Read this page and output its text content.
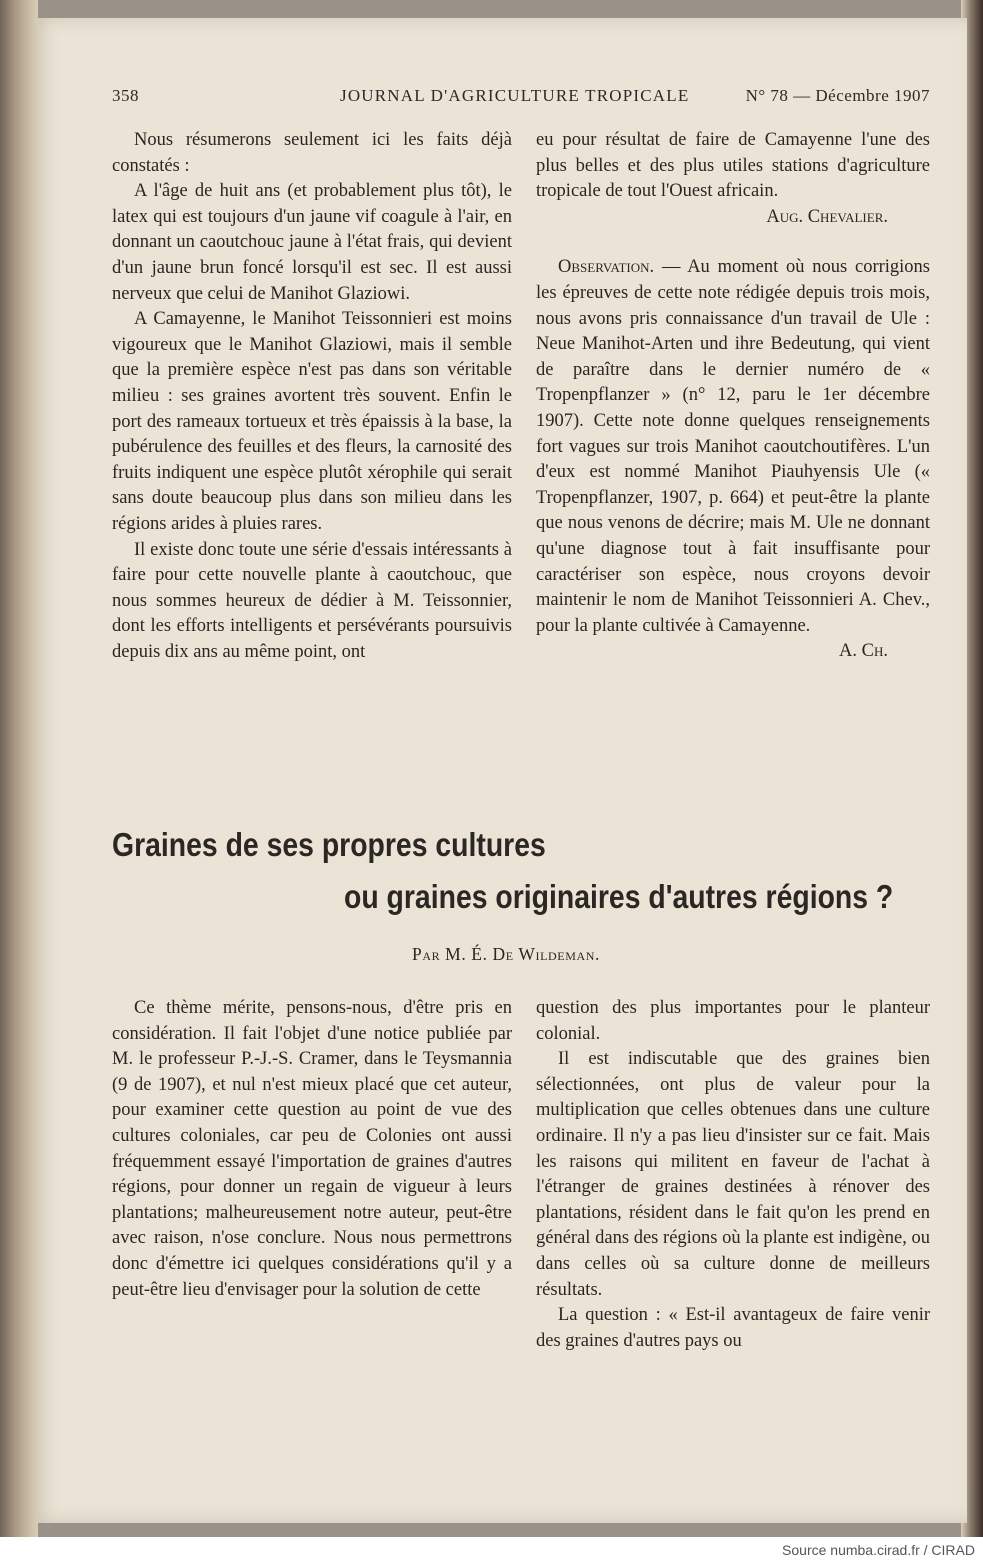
358	JOURNAL D'AGRICULTURE TROPICALE	N° 78 — Décembre 1907

Nous résumerons seulement ici les faits déjà constatés :

A l'âge de huit ans (et probablement plus tôt), le latex qui est toujours d'un jaune vif coagule à l'air, en donnant un caoutchouc jaune à l'état frais, qui devient d'un jaune brun foncé lorsqu'il est sec. Il est aussi nerveux que celui de Manihot Glaziowi.

A Camayenne, le Manihot Teissonnieri est moins vigoureux que le Manihot Glaziowi, mais il semble que la première espèce n'est pas dans son véritable milieu : ses graines avortent très souvent. Enfin le port des rameaux tortueux et très épaissis à la base, la pubérulence des feuilles et des fleurs, la carnosité des fruits indiquent une espèce plutôt xérophile qui serait sans doute beaucoup plus dans son milieu dans les régions arides à pluies rares.

Il existe donc toute une série d'essais intéressants à faire pour cette nouvelle plante à caoutchouc, que nous sommes heureux de dédier à M. Teissonnier, dont les efforts intelligents et persévérants poursuivis depuis dix ans au même point, ont

eu pour résultat de faire de Camayenne l'une des plus belles et des plus utiles stations d'agriculture tropicale de tout l'Ouest africain.

Aug. Chevalier.

Observation. — Au moment où nous corrigions les épreuves de cette note rédigée depuis trois mois, nous avons pris connaissance d'un travail de Ule : Neue Manihot-Arten und ihre Bedeutung, qui vient de paraître dans le dernier numéro de « Tropenpflanzer » (n° 12, paru le 1er décembre 1907). Cette note donne quelques renseignements fort vagues sur trois Manihot caoutchoutifères. L'un d'eux est nommé Manihot Piauhyensis Ule (« Tropenpflanzer, 1907, p. 664) et peut-être la plante que nous venons de décrire; mais M. Ule ne donnant qu'une diagnose tout à fait insuffisante pour caractériser son espèce, nous croyons devoir maintenir le nom de Manihot Teissonnieri A. Chev., pour la plante cultivée à Camayenne.

A. Ch.

Graines de ses propres cultures
ou graines originaires d'autres régions ?
Par M. É. De Wildeman.

Ce thème mérite, pensons-nous, d'être pris en considération. Il fait l'objet d'une notice publiée par M. le professeur P.-J.-S. Cramer, dans le Teysmannia (9 de 1907), et nul n'est mieux placé que cet auteur, pour examiner cette question au point de vue des cultures coloniales, car peu de Colonies ont aussi fréquemment essayé l'importation de graines d'autres régions, pour donner un regain de vigueur à leurs plantations; malheureusement notre auteur, peut-être avec raison, n'ose conclure. Nous nous permettrons donc d'émettre ici quelques considérations qu'il y a peut-être lieu d'envisager pour la solution de cette

question des plus importantes pour le planteur colonial.

Il est indiscutable que des graines bien sélectionnées, ont plus de valeur pour la multiplication que celles obtenues dans une culture ordinaire. Il n'y a pas lieu d'insister sur ce fait. Mais les raisons qui militent en faveur de l'achat à l'étranger de graines destinées à rénover des plantations, résident dans le fait qu'on les prend en général dans des régions où la plante est indigène, ou dans celles où sa culture donne de meilleurs résultats.

La question : « Est-il avantageux de faire venir des graines d'autres pays ou

Source numba.cirad.fr / CIRAD
